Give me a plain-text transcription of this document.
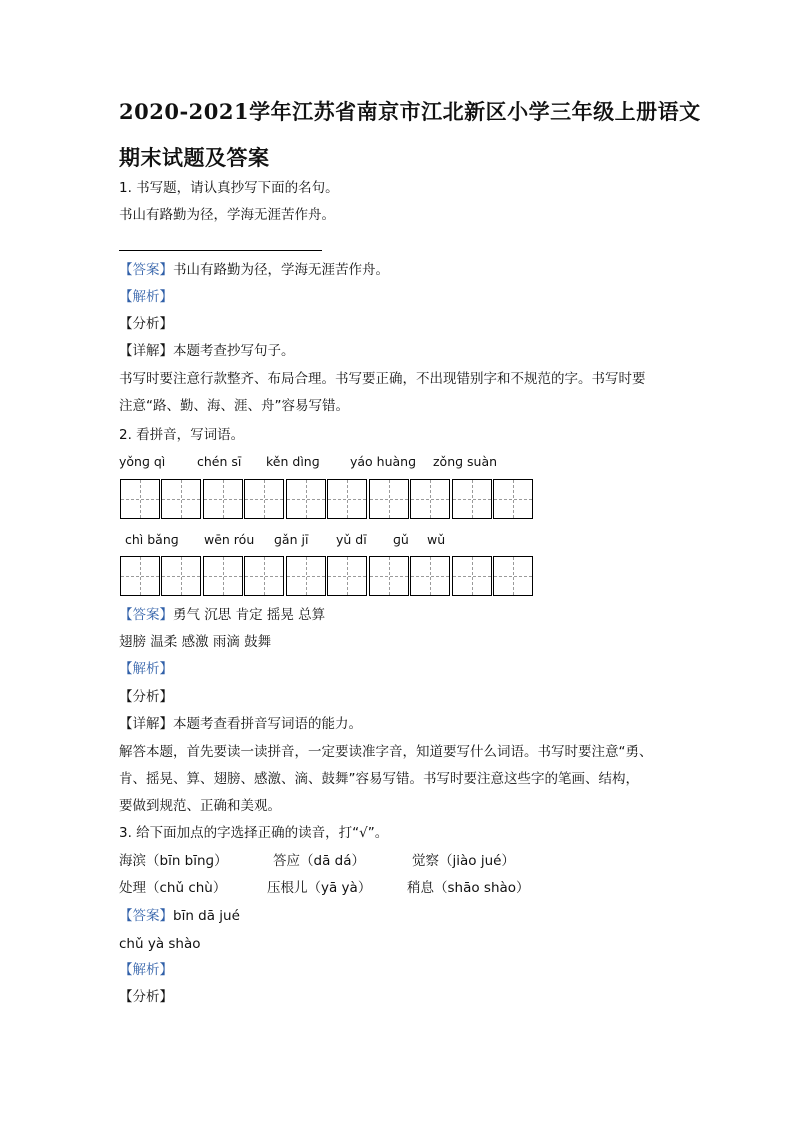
2020-2021学年江苏省南京市江北新区小学三年级上册语文
期末试题及答案
1. 书写题，请认真抄写下面的名句。
书山有路勤为径，学海无涯苦作舟。
【答案】书山有路勤为径，学海无涯苦作舟。
【解析】
【分析】
【详解】本题考查抄写句子。
书写时要注意行款整齐、布局合理。书写要正确，不出现错别字和不规范的字。书写时要
注意“路、勤、海、涯、舟”容易写错。
2. 看拼音，写词语。
yǒnɡ qì	chén sī kěn dìnɡ yáo huànɡ zǒnɡ suàn
chì bǎnɡ wēn róu ɡǎn jī yǔ dī ɡǔ wǔ
【答案】勇气 沉思 肯定 摇晃 总算
翅膀 温柔 感激 雨滴 鼓舞
【解析】
【分析】
【详解】本题考查看拼音写词语的能力。
解答本题，首先要读一读拼音，一定要读准字音，知道要写什么词语。书写时要注意“勇、
肯、摇晃、算、翅膀、感激、滴、鼓舞”容易写错。书写时要注意这些字的笔画、结构，
要做到规范、正确和美观。
3. 给下面加点的字选择正确的读音，打“√”。
海滨（bīn bīnɡ）	答应（dā dá）	觉察（jiào jué）
处理（chǔ chù）	压根儿（yā yà）	稍息（shāo shào）
【答案】bīn dā jué
chǔ yà shào
【解析】
【分析】
